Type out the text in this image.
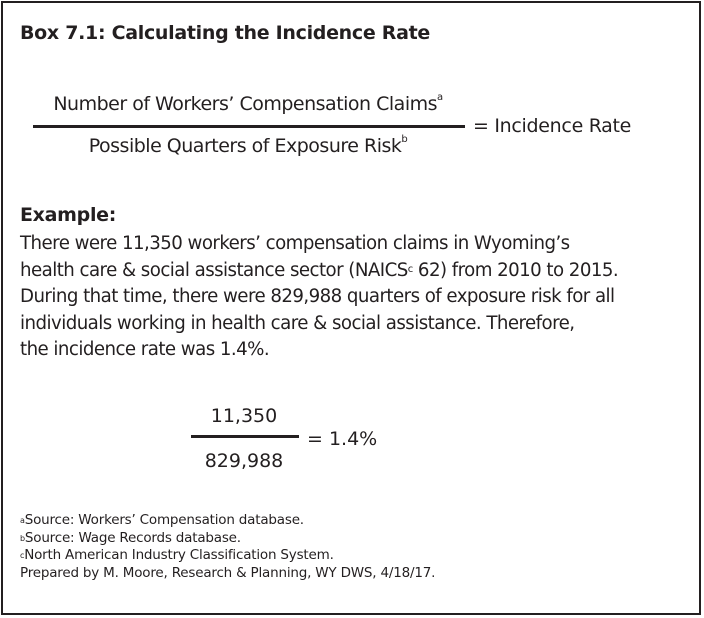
Box 7.1: Calculating the Incidence Rate
Number of Workers’ Compensation Claims$^a$
Possible Quarters of Exposure Risk$^b$
= Incidence Rate
Example:
There were 11,350 workers’ compensation claims in Wyoming’s
health care & social assistance sector (NAICS$^c$ 62) from 2010 to 2015.
During that time, there were 829,988 quarters of exposure risk for all
individuals working in health care & social assistance. Therefore,
the incidence rate was 1.4%.
11,350
829,988
= 1.4%
$^a$Source: Workers’ Compensation database.
$^b$Source: Wage Records database.
$^c$North American Industry Classification System.
Prepared by M. Moore, Research & Planning, WY DWS, 4/18/17.
